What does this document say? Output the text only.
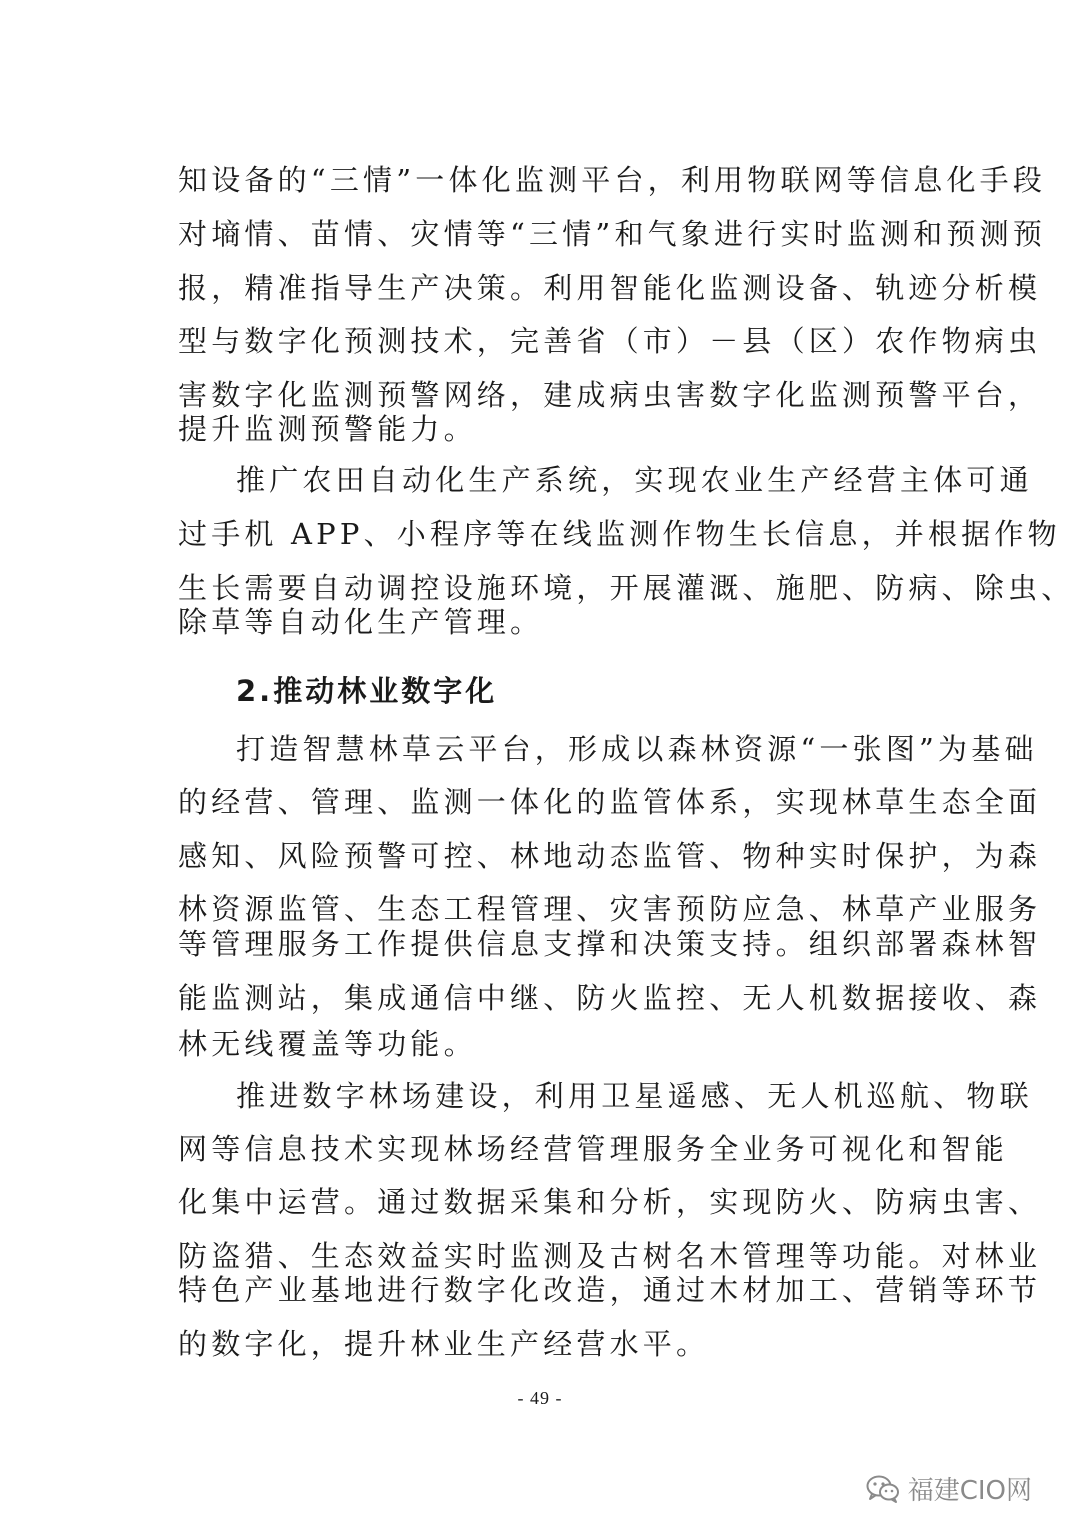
知设备的“三情”一体化监测平台，利用物联网等信息化手段
对墒情、苗情、灾情等“三情”和气象进行实时监测和预测预
报，精准指导生产决策。利用智能化监测设备、轨迹分析模
型与数字化预测技术，完善省（市）－县（区）农作物病虫
害数字化监测预警网络，建成病虫害数字化监测预警平台，
提升监测预警能力。
推广农田自动化生产系统，实现农业生产经营主体可通
过手机 APP、小程序等在线监测作物生长信息，并根据作物
生长需要自动调控设施环境，开展灌溉、施肥、防病、除虫、
除草等自动化生产管理。
2.推动林业数字化
打造智慧林草云平台，形成以森林资源“一张图”为基础
的经营、管理、监测一体化的监管体系，实现林草生态全面
感知、风险预警可控、林地动态监管、物种实时保护，为森
林资源监管、生态工程管理、灾害预防应急、林草产业服务
等管理服务工作提供信息支撑和决策支持。组织部署森林智
能监测站，集成通信中继、防火监控、无人机数据接收、森
林无线覆盖等功能。
推进数字林场建设，利用卫星遥感、无人机巡航、物联
网等信息技术实现林场经营管理服务全业务可视化和智能
化集中运营。通过数据采集和分析，实现防火、防病虫害、
防盗猎、生态效益实时监测及古树名木管理等功能。对林业
特色产业基地进行数字化改造，通过木材加工、营销等环节
的数字化，提升林业生产经营水平。
- 49 -
福建CIO网
